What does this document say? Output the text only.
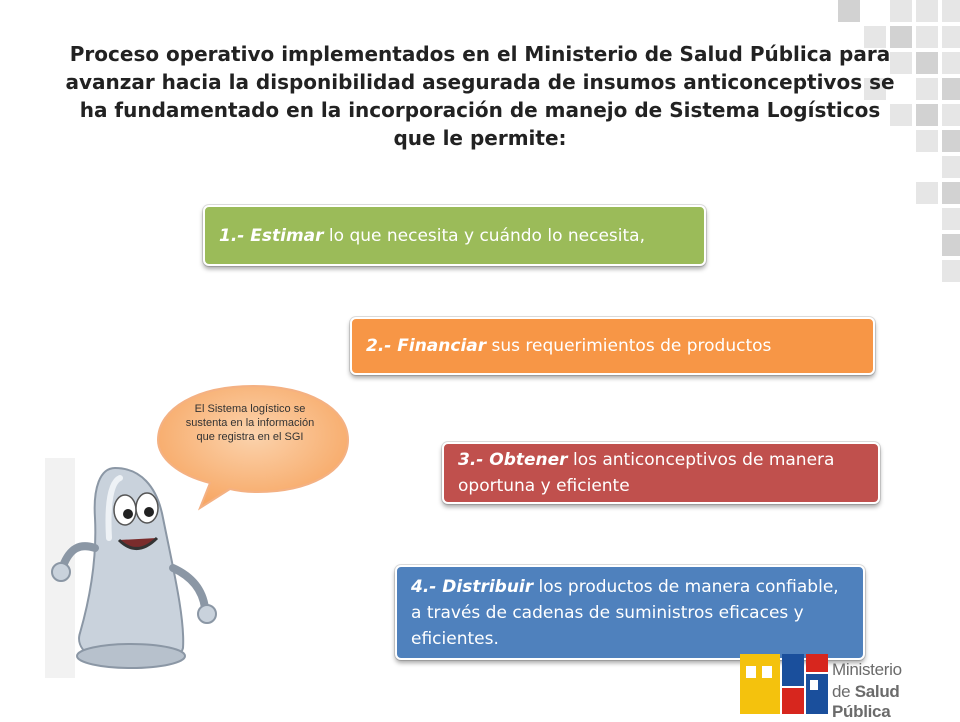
Proceso operativo implementados en el Ministerio de Salud Pública para avanzar hacia la disponibilidad asegurada de insumos anticonceptivos se ha fundamentado en la incorporación de manejo de Sistema Logísticos que le permite:
1.- Estimar lo que necesita y cuándo lo necesita,
2.- Financiar sus requerimientos de productos
3.- Obtener los anticonceptivos de manera oportuna y eficiente
4.- Distribuir los productos de manera confiable, a través de cadenas de suministros eficaces y eficientes.
El Sistema logístico se sustenta en la información que registra en el SGI
Ministerio
de Salud Pública
